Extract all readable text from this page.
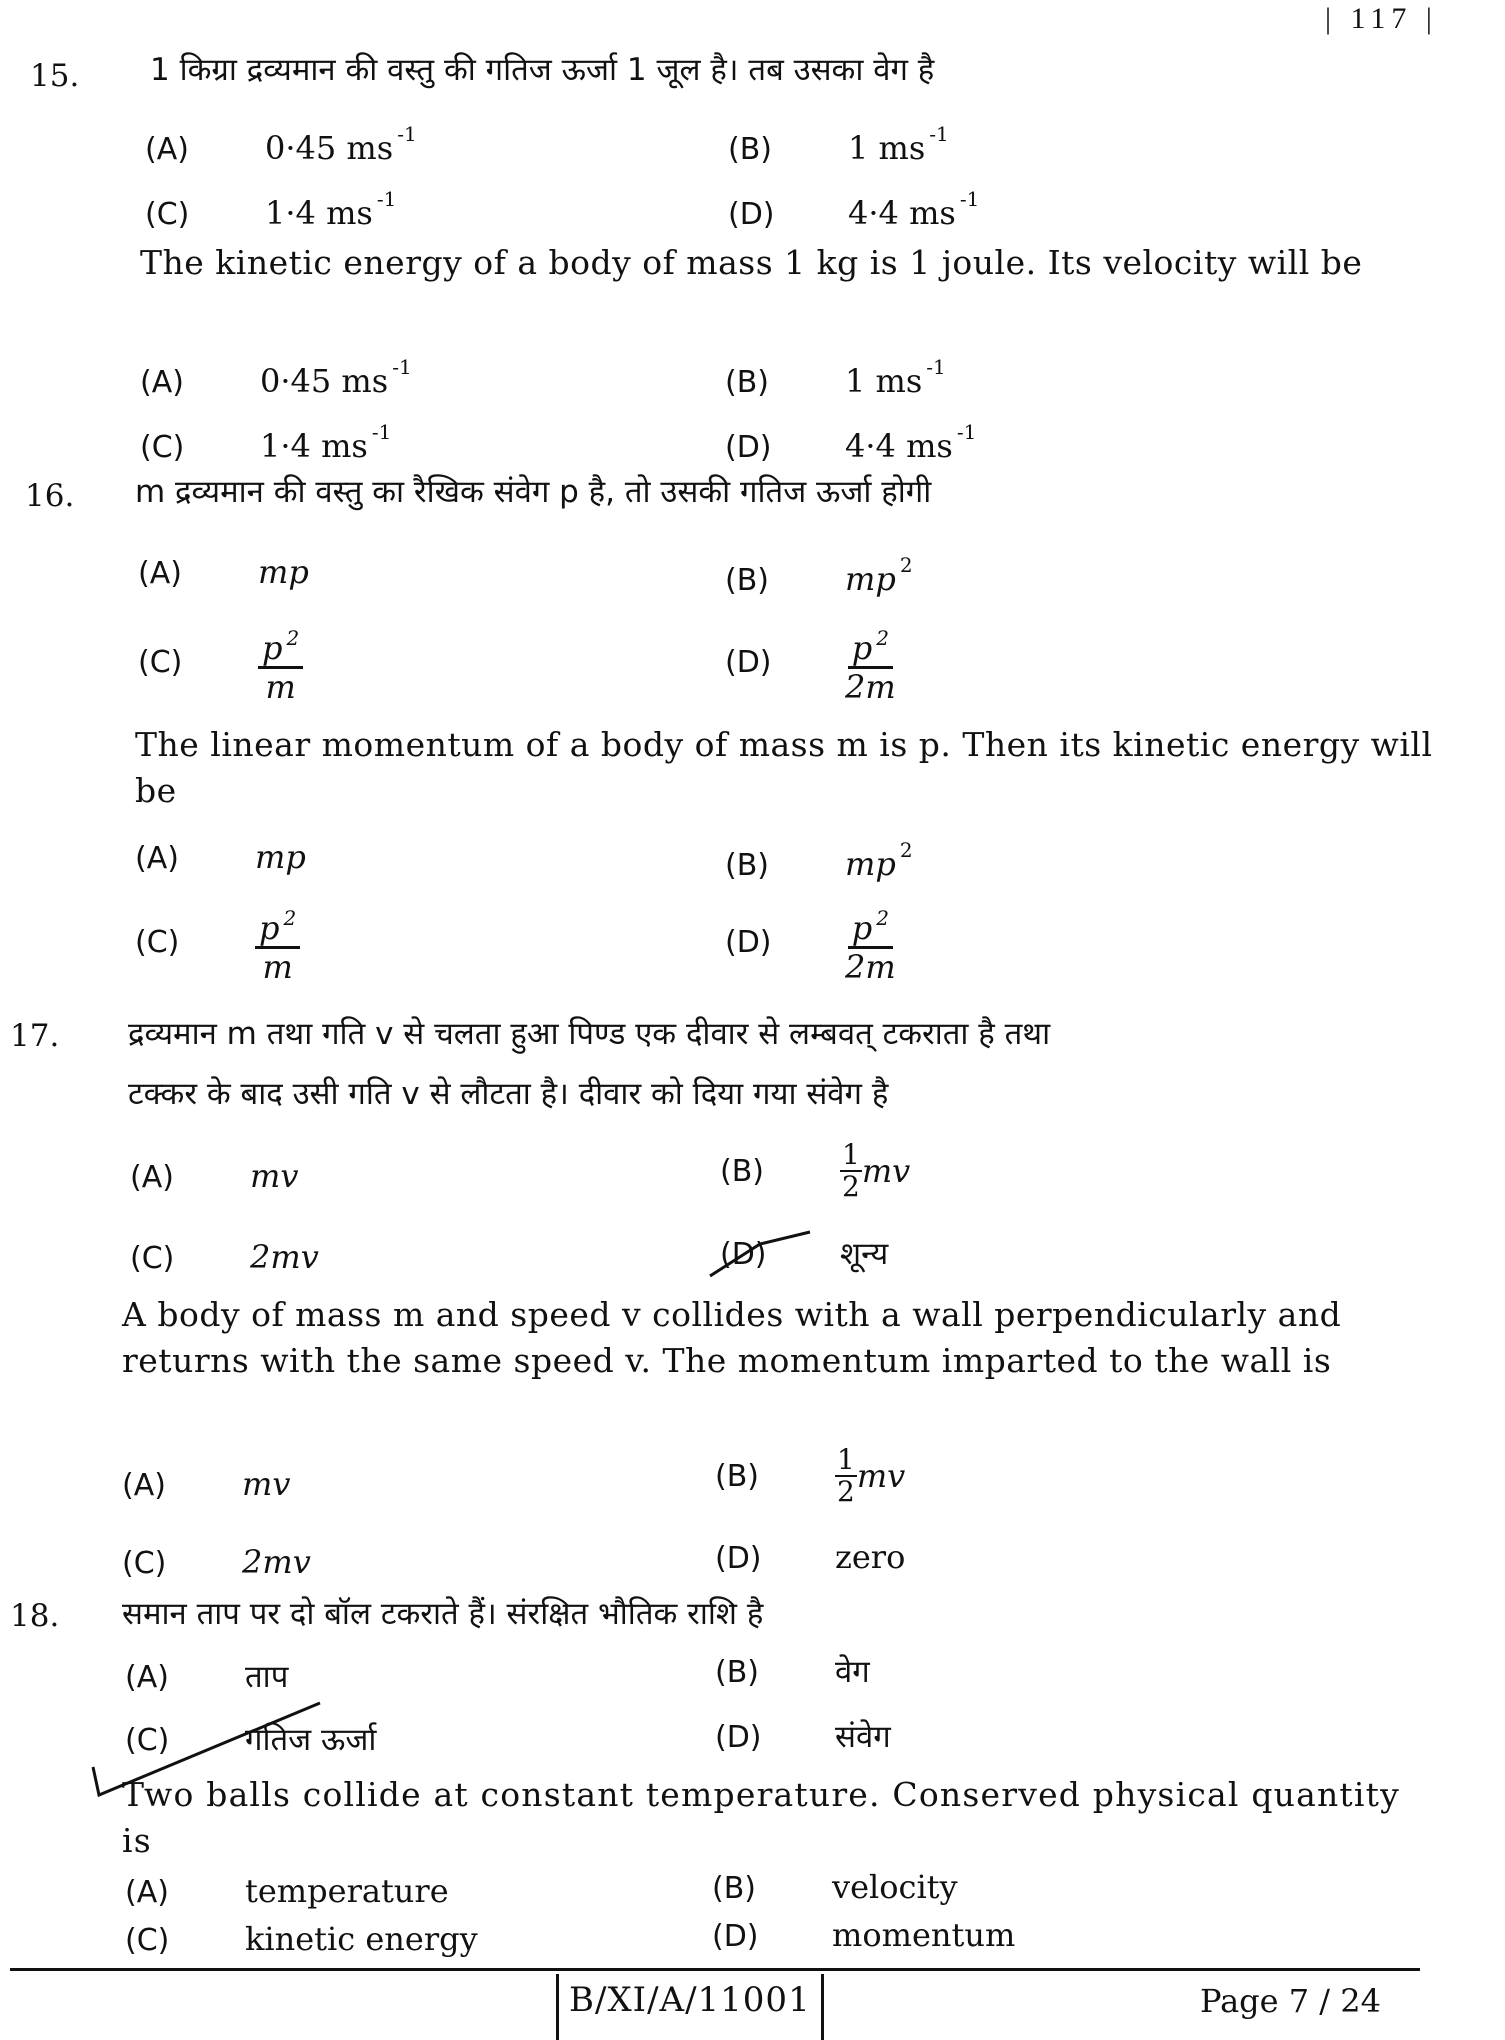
| 117 |
15. 1 किग्रा द्रव्यमान की वस्तु की गतिज ऊर्जा 1 जूल है। तब उसका वेग है
(A) 0·45 ms $^{-1}$	(B) 1 ms $^{-1}$
(C) 1·4 ms $^{-1}$	(D) 4·4 ms $^{-1}$
The kinetic energy of a body of mass 1 kg is 1 joule. Its velocity will be
(A) 0·45 ms $^{-1}$	(B) 1 ms $^{-1}$
(C) 1·4 ms $^{-1}$	(D) 4·4 ms $^{-1}$
16. m द्रव्यमान की वस्तु का रैखिक संवेग p है, तो उसकी गतिज ऊर्जा होगी
(A) mp	(B) mp $^2$
$(C) \frac{p ^2}{m}$	$(D) \frac{p ^2}{2m}$
The linear momentum of a body of mass m is p. Then its kinetic energy will be
(A) mp	(B) mp $^2$
$(C) \frac{p ^2}{m}$	$(D) \frac{p ^2}{2m}$
17. द्रव्यमान m तथा गति v से चलता हुआ पिण्ड एक दीवार से लम्बवत् टकराता है तथा
टक्कर के बाद उसी गति v से लौटता है। दीवार को दिया गया संवेग है
(A) mv	(B)	$\frac{1}{2}$ mv
(C) 2mv	(D) शून्य
A body of mass m and speed v collides with a wall perpendicularly and returns with the same speed v. The momentum imparted to the wall is
(A) mv	(B)	$\frac{1}{2}$ mv
(C) 2mv	(D) zero
18. समान ताप पर दो बॉल टकराते हैं। संरक्षित भौतिक राशि है
(A) ताप	(B) वेग
(C) गतिज ऊर्जा	(D) संवेग
Two balls collide at constant temperature. Conserved physical quantity is
(A) temperature	(B) velocity
(C) kinetic energy	(D) momentum
B/XI/A/11001	Page 7 / 24
